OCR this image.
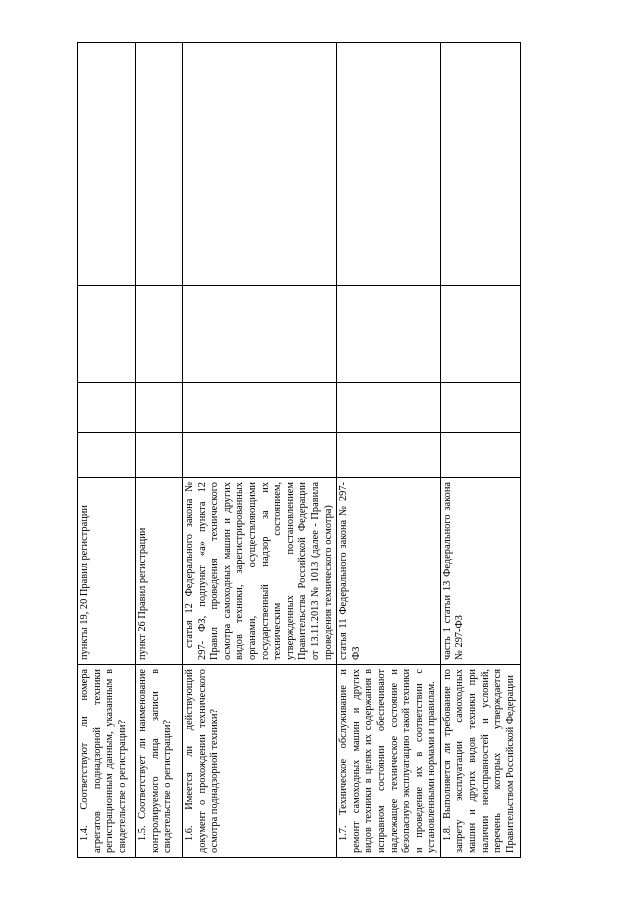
1.4. Соответствуют ли номера агрегатов поднадзорной техники регистрационным данным, указанным в свидетельстве о регистрации?	пункты 19, 20 Правил регистрации				

1.5. Соответствует ли наименование контролируемого лица записи в свидетельстве о регистрации?	пункт 26 Правил регистрации				

1.6. Имеется ли действующий документ о прохождении технического осмотра поднадзорной техники?	статья 12 Федерального закона № 297- ФЗ, подпункт «а» пункта 12 Правил проведения технического осмотра самоходных машин и других видов техники, зарегистрированных органами, осуществляющими государственный надзор за их техническим состоянием, утвержденных постановлением Правительства Российской Федерации от 13.11.2013 № 1013 (далее - Правила проведения технического осмотра)				

1.7. Техническое обслуживание и ремонт самоходных машин и других видов техники в целях их содержания в исправном состоянии обеспечивают надлежащее техническое состояние и безопасную эксплуатацию такой техники и проведение их в соответствии с установленными нормами и правилам.	статья 11 Федерального закона № 297- ФЗ				

1.8. Выполняется ли требование по запрету эксплуатации самоходных машин и других видов техники при наличии неисправностей и условий, перечень которых утверждается Правительством Российской Федерации	часть 1 статьи 13 Федерального закона № 297-ФЗ				
